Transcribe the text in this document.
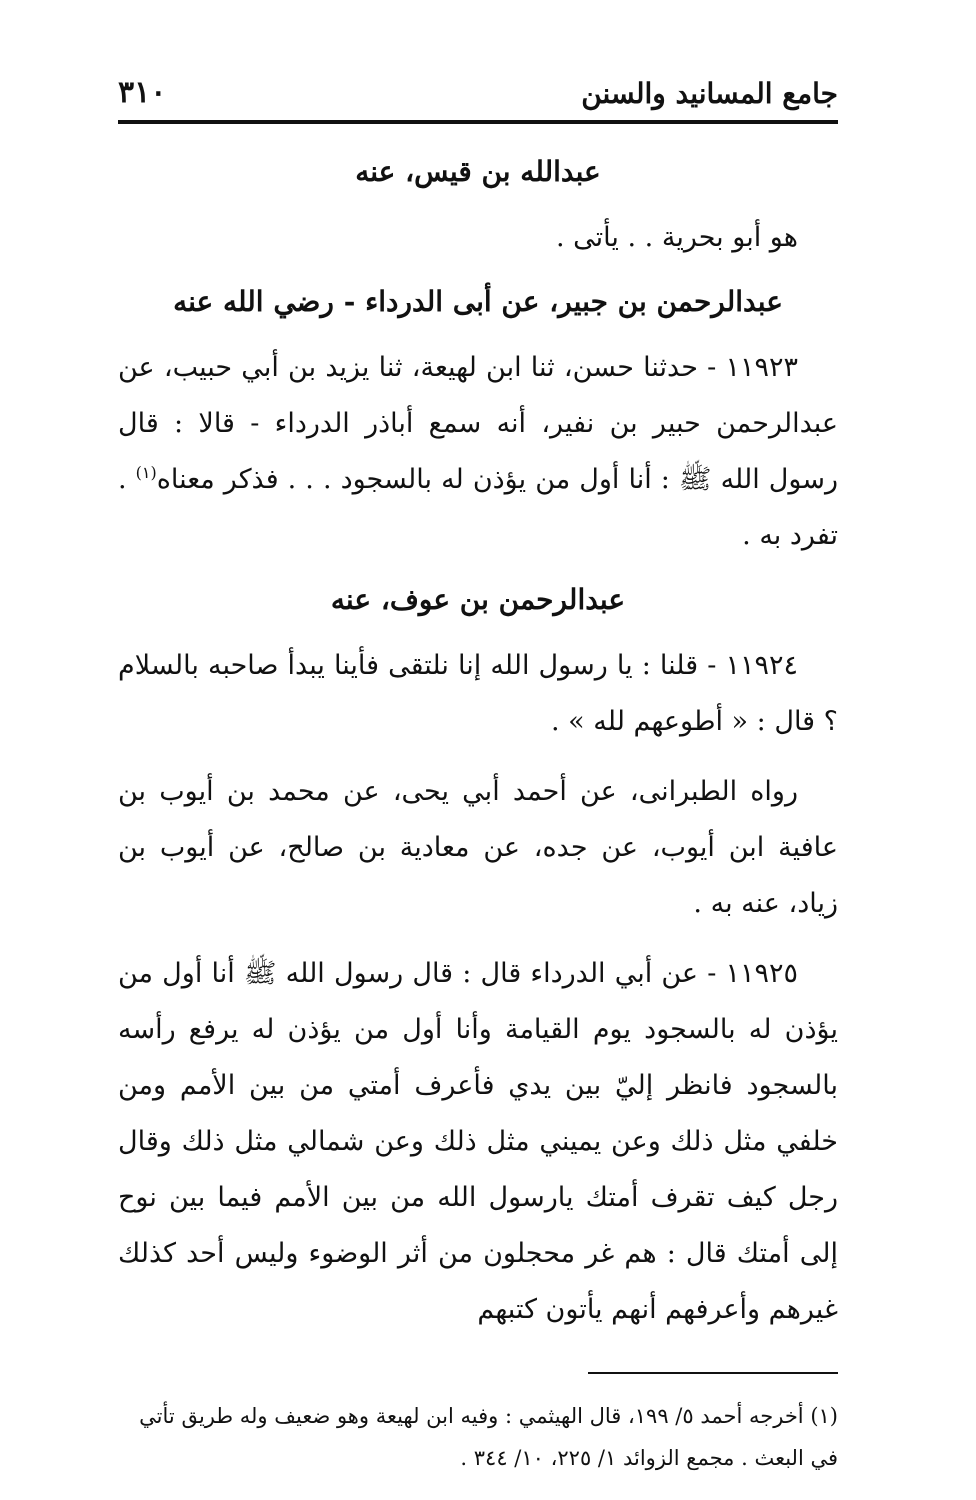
جامع المسانيد والسنن
٣١٠
عبدالله بن قيس، عنه

هو أبو بحرية . . يأتى .

عبدالرحمن بن جبير، عن أبى الدرداء - رضي الله عنه

١١٩٢٣ - حدثنا حسن، ثنا ابن لهيعة، ثنا يزيد بن أبي حبيب، عن عبدالرحمن حبير بن نفير، أنه سمع أباذر الدرداء - قالا : قال رسول الله ﷺ : أنا أول من يؤذن له بالسجود . . . فذكر معناه$^{(١)}$ . تفرد به .

عبدالرحمن بن عوف، عنه

١١٩٢٤ - قلنا : يا رسول الله إنا نلتقى فأينا يبدأ صاحبه بالسلام ؟ قال : « أطوعهم لله » .

رواه الطبرانى، عن أحمد أبي يحى، عن محمد بن أيوب بن عافية ابن أيوب، عن جده، عن معادية بن صالح، عن أيوب بن زياد، عنه به .

١١٩٢٥ - عن أبي الدرداء قال : قال رسول الله ﷺ أنا أول من يؤذن له بالسجود يوم القيامة وأنا أول من يؤذن له يرفع رأسه بالسجود فانظر إليّ بين يدي فأعرف أمتي من بين الأمم ومن خلفي مثل ذلك وعن يميني مثل ذلك وعن شمالي مثل ذلك وقال رجل كيف تقرف أمتك يارسول الله من بين الأمم فيما بين نوح إلى أمتك قال : هم غر محجلون من أثر الوضوء وليس أحد كذلك غيرهم وأعرفهم أنهم يأتون كتبهم

(١) أخرجه أحمد ٥/ ١٩٩، قال الهيثمي : وفيه ابن لهيعة وهو ضعيف وله طريق تأتي في البعث . مجمع الزوائد ١/ ٢٢٥، ١٠/ ٣٤٤ .
